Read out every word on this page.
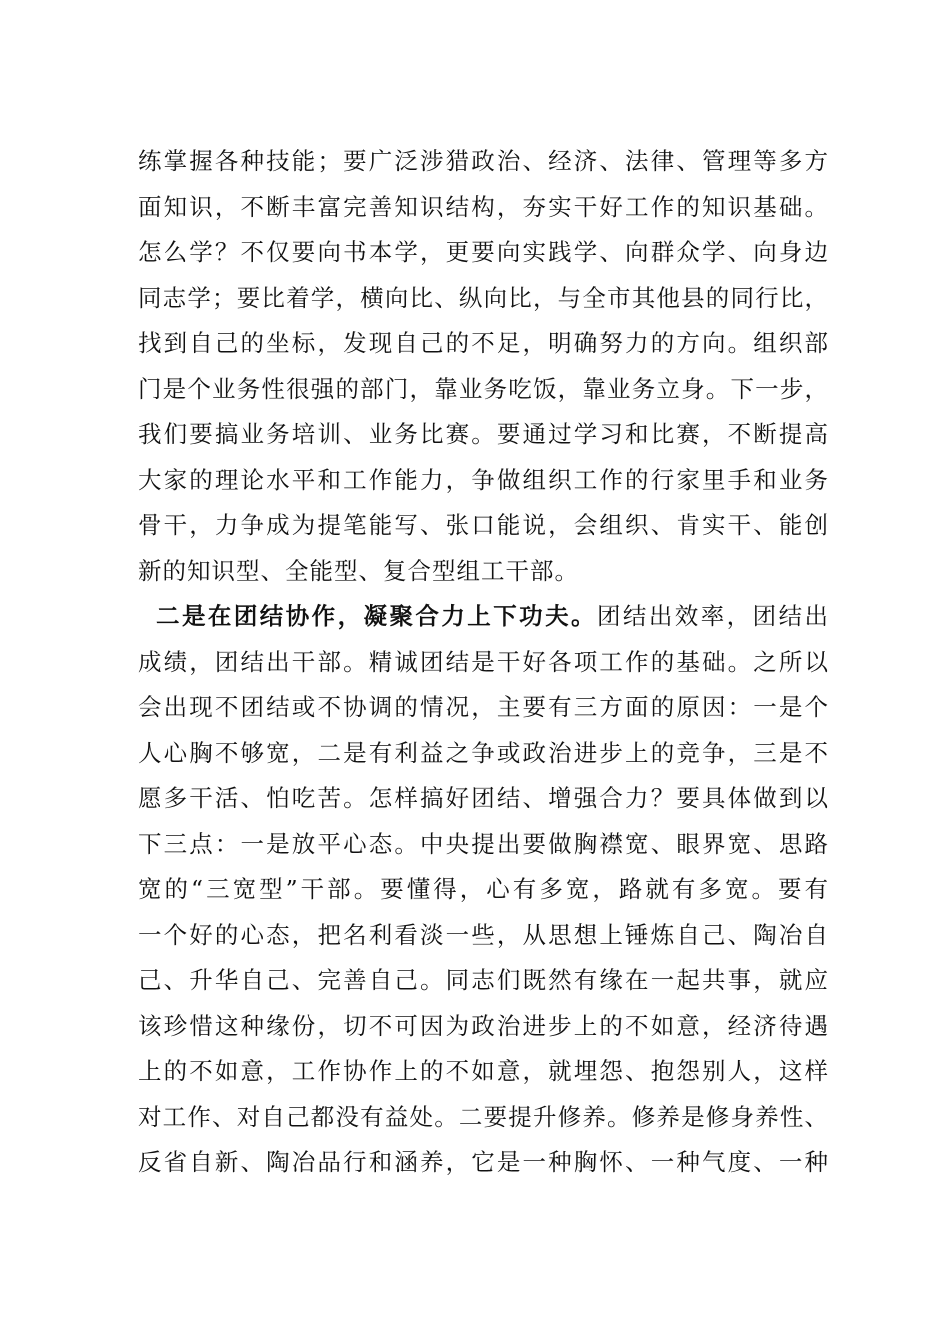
练掌握各种技能；要广泛涉猎政治、经济、法律、管理等多方
面知识，不断丰富完善知识结构，夯实干好工作的知识基础。
怎么学？不仅要向书本学，更要向实践学、向群众学、向身边
同志学；要比着学，横向比、纵向比，与全市其他县的同行比，
找到自己的坐标，发现自己的不足，明确努力的方向。组织部
门是个业务性很强的部门，靠业务吃饭，靠业务立身。下一步，
我们要搞业务培训、业务比赛。要通过学习和比赛，不断提高
大家的理论水平和工作能力，争做组织工作的行家里手和业务
骨干，力争成为提笔能写、张口能说，会组织、肯实干、能创
新的知识型、全能型、复合型组工干部。
二是在团结协作，凝聚合力上下功夫。团结出效率，团结出
成绩，团结出干部。精诚团结是干好各项工作的基础。之所以
会出现不团结或不协调的情况，主要有三方面的原因：一是个
人心胸不够宽，二是有利益之争或政治进步上的竞争，三是不
愿多干活、怕吃苦。怎样搞好团结、增强合力？要具体做到以
下三点：一是放平心态。中央提出要做胸襟宽、眼界宽、思路
宽的“三宽型”干部。要懂得，心有多宽，路就有多宽。要有
一个好的心态，把名利看淡一些，从思想上锤炼自己、陶冶自
己、升华自己、完善自己。同志们既然有缘在一起共事，就应
该珍惜这种缘份，切不可因为政治进步上的不如意，经济待遇
上的不如意，工作协作上的不如意，就埋怨、抱怨别人，这样
对工作、对自己都没有益处。二要提升修养。修养是修身养性、
反省自新、陶冶品行和涵养，它是一种胸怀、一种气度、一种
